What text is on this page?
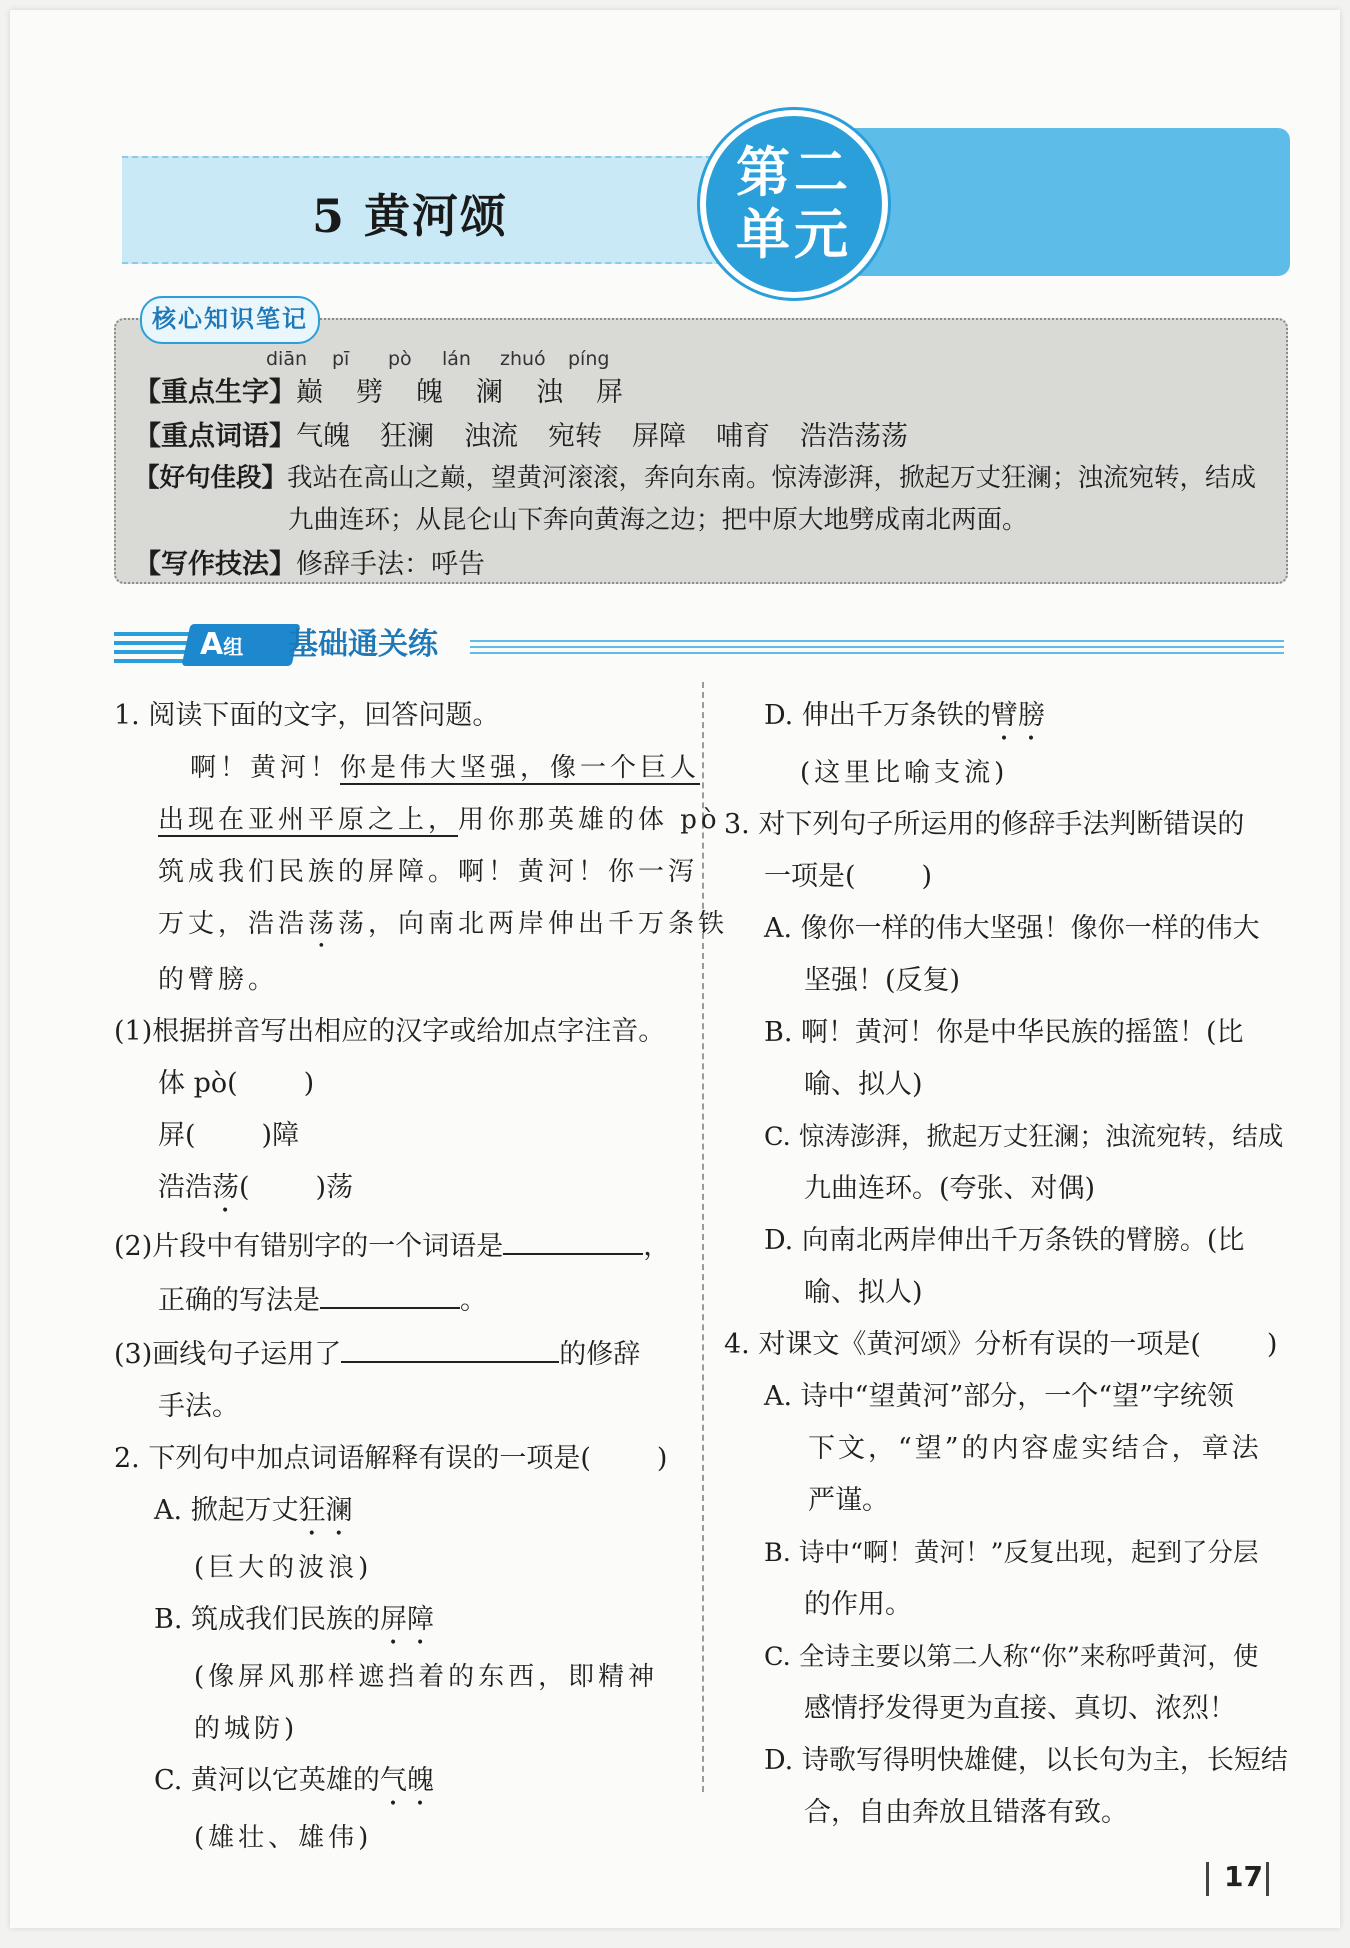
5 黄河颂
第二
单元
diān pī pò lán zhuó píng
【重点生字】巅 劈 魄 澜 浊 屏
【重点词语】气魄 狂澜 浊流 宛转 屏障 哺育 浩浩荡荡
【好句佳段】我站在高山之巅，望黄河滚滚，奔向东南。惊涛澎湃，掀起万丈狂澜；浊流宛转，结成
九曲连环；从昆仑山下奔向黄海之边；把中原大地劈成南北两面。
【写作技法】修辞手法：呼告
核心知识笔记
A组 基础通关练
1. 阅读下面的文字，回答问题。
啊！黄河！你是伟大坚强，像一个巨人
出现在亚州平原之上，用你那英雄的体 pò
筑成我们民族的屏障。啊！黄河！你一泻
万丈，浩浩荡荡，向南北两岸伸出千万条铁
的臂膀。
(1)根据拼音写出相应的汉字或给加点字注音。
体 pò( )
屏( )障
浩浩荡( )荡
(2)片段中有错别字的一个词语是	，
正确的写法是	。
(3)画线句子运用了	的修辞
手法。
2. 下列句中加点词语解释有误的一项是( )
A. 掀起万丈狂澜
(巨大的波浪)
B. 筑成我们民族的屏障
(像屏风那样遮挡着的东西，即精神
的城防)
C. 黄河以它英雄的气魄
(雄壮、雄伟)
D. 伸出千万条铁的臂膀
(这里比喻支流)
3. 对下列句子所运用的修辞手法判断错误的
一项是( )
A. 像你一样的伟大坚强！像你一样的伟大
坚强！(反复)
B. 啊！黄河！你是中华民族的摇篮！(比
喻、拟人)
C. 惊涛澎湃，掀起万丈狂澜；浊流宛转，结成
九曲连环。(夸张、对偶)
D. 向南北两岸伸出千万条铁的臂膀。(比
喻、拟人)
4. 对课文《黄河颂》分析有误的一项是( )
A. 诗中“望黄河”部分，一个“望”字统领
下文，“望”的内容虚实结合，章法
严谨。
B. 诗中“啊！黄河！”反复出现，起到了分层
的作用。
C. 全诗主要以第二人称“你”来称呼黄河，使
感情抒发得更为直接、真切、浓烈！
D. 诗歌写得明快雄健，以长句为主，长短结
合，自由奔放且错落有致。
17
